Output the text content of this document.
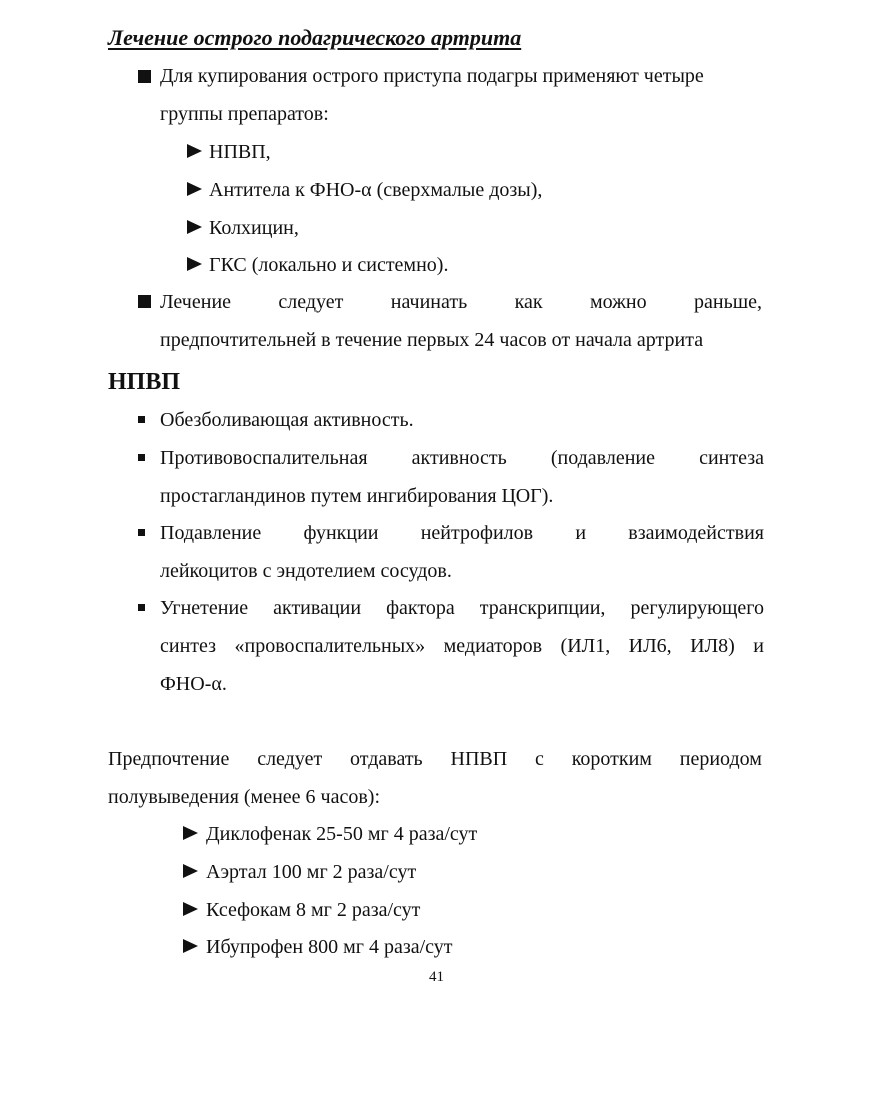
Лечение острого подагрического артрита
Для купирования острого приступа подагры применяют четыре
группы препаратов:
НПВП,
Антитела к ФНО-α (сверхмалые дозы),
Колхицин,
ГКС (локально и системно).
Лечение следует начинать как можно раньше,
предпочтительней в течение первых 24 часов от начала артрита
НПВП
Обезболивающая активность.
Противовоспалительная активность (подавление синтеза
простагландинов путем ингибирования ЦОГ).
Подавление функции нейтрофилов и взаимодействия
лейкоцитов с эндотелием сосудов.
Угнетение активации фактора транскрипции, регулирующего
синтез «провоспалительных» медиаторов (ИЛ1, ИЛ6, ИЛ8) и
ФНО-α.
Предпочтение следует отдавать НПВП с коротким периодом
полувыведения (менее 6 часов):
Диклофенак 25-50 мг 4 раза/сут
Аэртал 100 мг 2 раза/сут
Ксефокам 8 мг 2 раза/сут
Ибупрофен 800 мг 4 раза/сут
41
